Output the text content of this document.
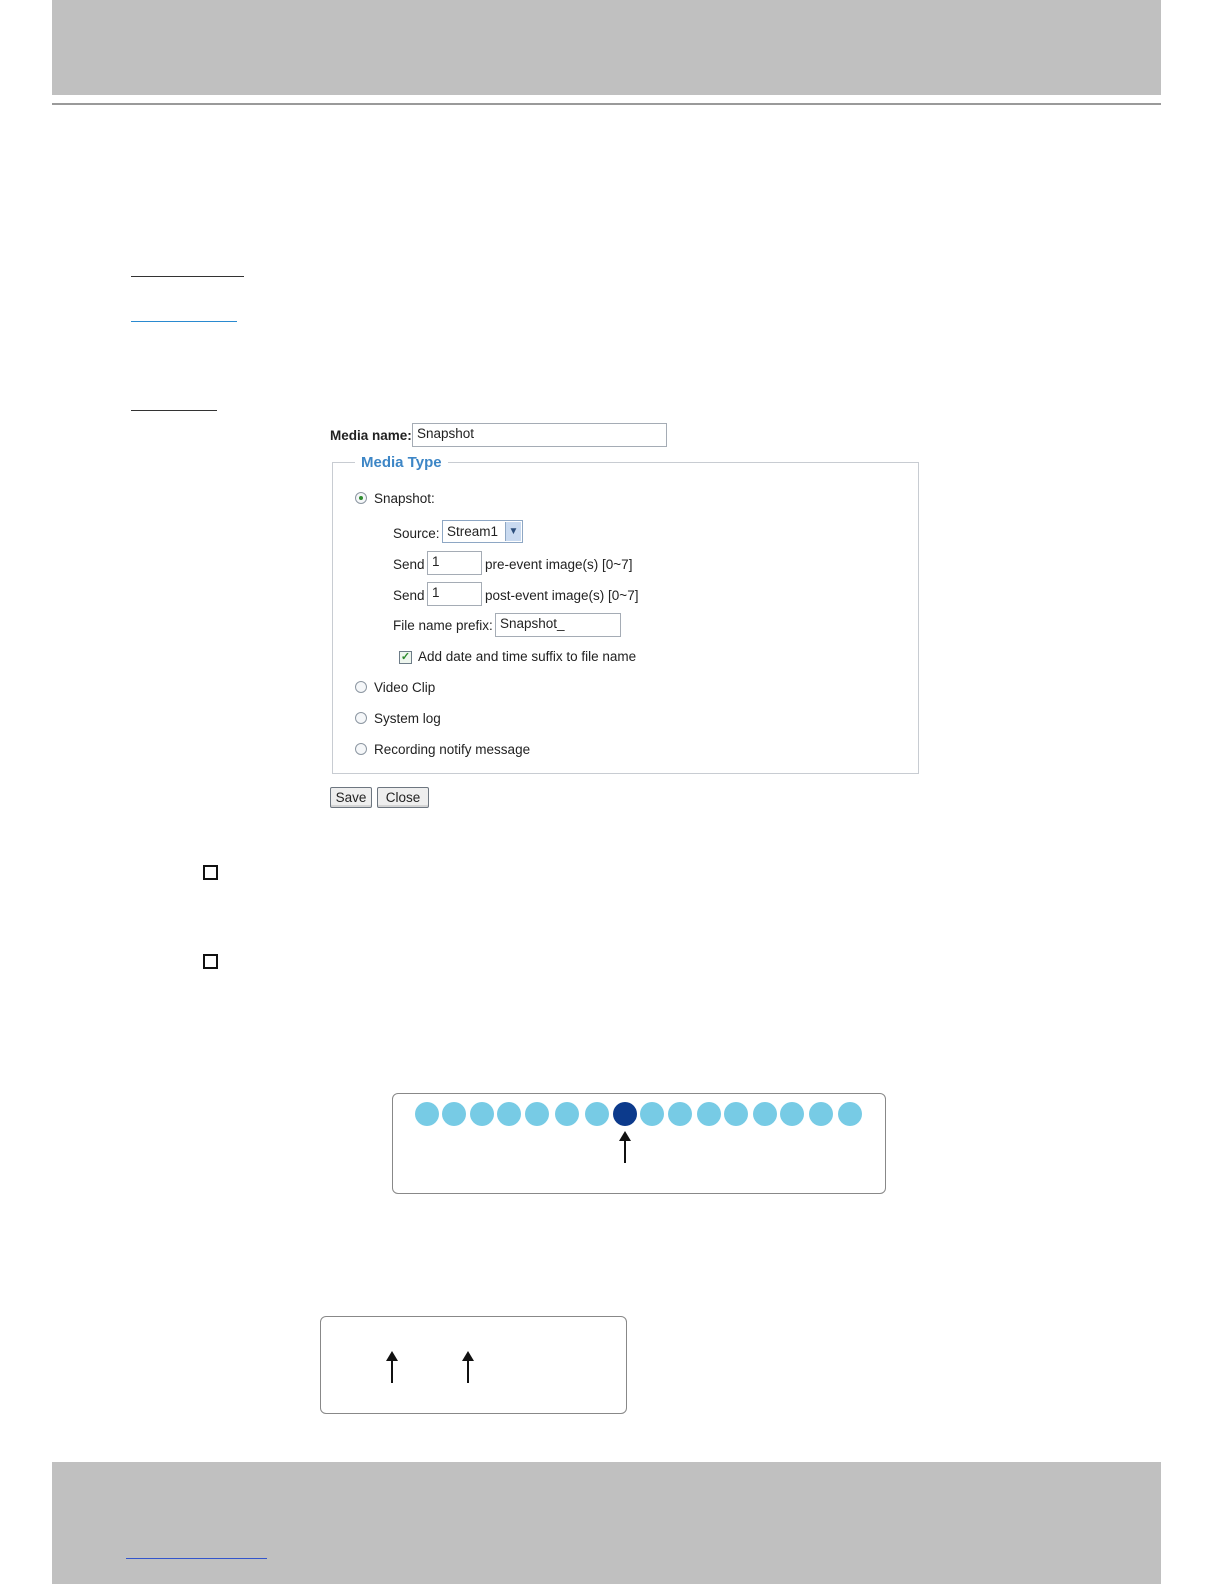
Media name: Snapshot
Media Type
Snapshot:
Source: Stream1	▼
Send 1	pre-event image(s) [0~7]
Send 1	post-event image(s) [0~7]
File name prefix: Snapshot_
✓ Add date and time suffix to file name
Video Clip
System log
Recording notify message
Save	Close
